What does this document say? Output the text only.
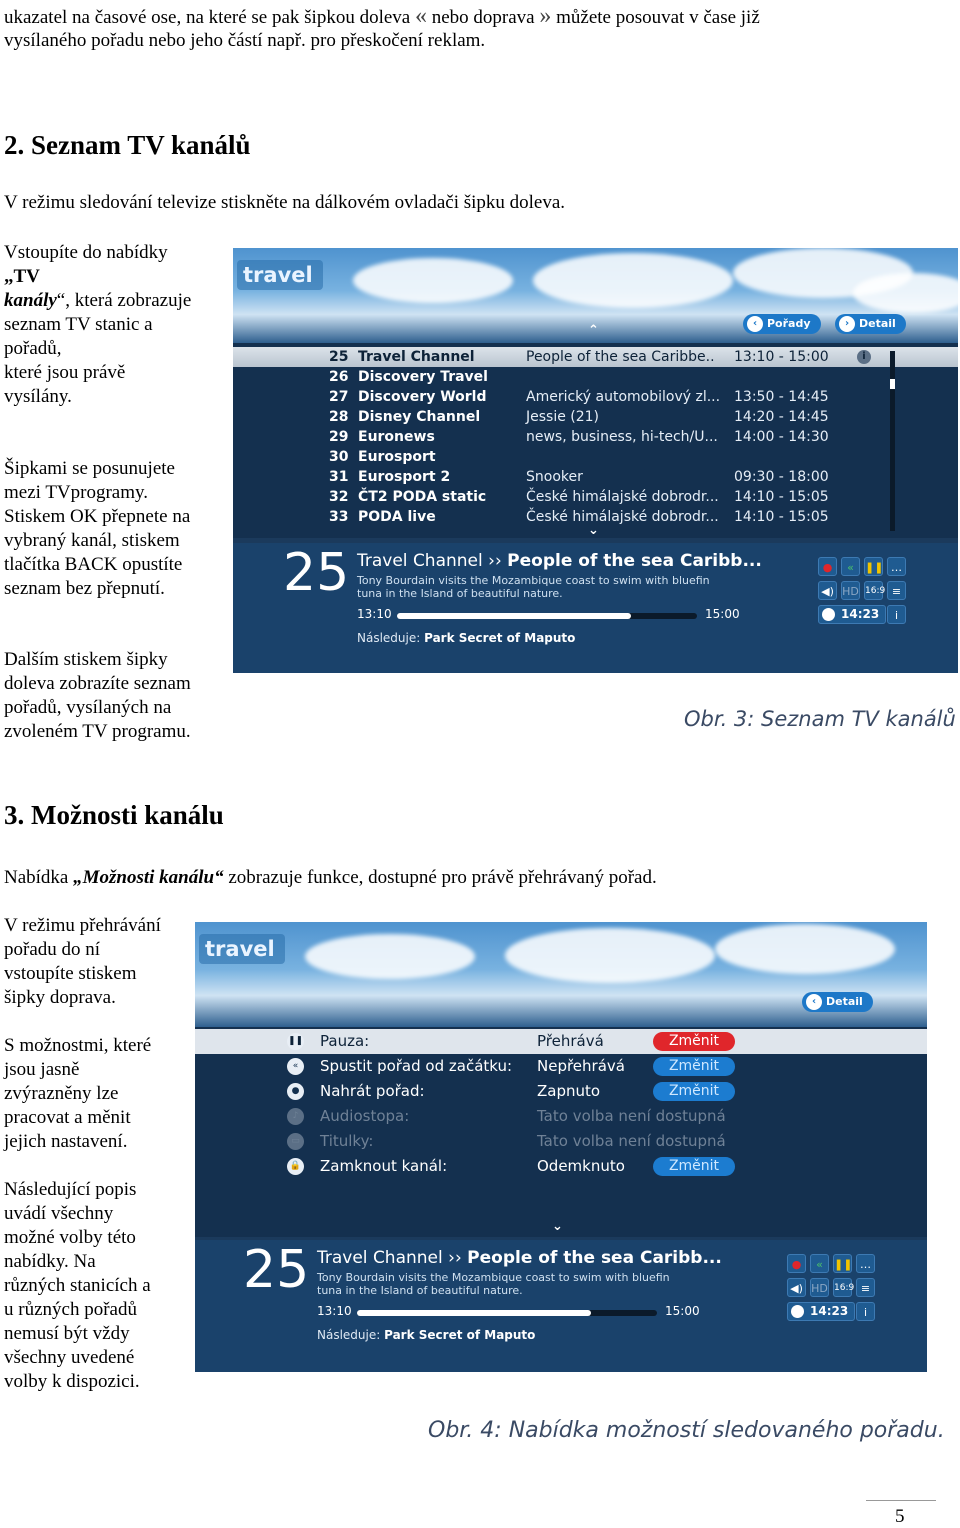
ukazatel na časové ose, na které se pak šipkou doleva « nebo doprava » můžete posouvat v čase již
vysílaného pořadu nebo jeho částí např. pro přeskočení reklam.
2. Seznam TV kanálů
V režimu sledování televize stiskněte na dálkovém ovladači šipku doleva.
Vstoupíte do nabídky
„TV
kanály“, která zobrazuje
seznam TV stanic a
pořadů,
které jsou právě
vysílány.
Šipkami se posunujete
mezi TVprogramy.
Stiskem OK přepnete na
vybraný kanál, stiskem
tlačítka BACK opustíte
seznam bez přepnutí.
Dalším stiskem šipky
doleva zobrazíte seznam
pořadů, vysílaných na
zvoleném TV programu.
travel
‹ Pořady	› Detail
⌃
25 Travel Channel	People of the sea Caribbe.. 13:10 - 15:00	i
26 Discovery Travel
27 Discovery World	Americký automobilový zl... 13:50 - 14:45
28 Disney Channel	Jessie (21)	14:20 - 14:45
29 Euronews	news, business, hi-tech/U... 14:00 - 14:30
30 Eurosport
31 Eurosport 2	Snooker	09:30 - 18:00
32 ČT2 PODA static	České himálajské dobrodr... 14:10 - 15:05
33 PODA live	České himálajské dobrodr... 14:10 - 15:05
⌄
25 Travel Channel ›› People of the sea Caribb...
Tony Bourdain visits the Mozambique coast to swim with bluefin
tuna in the Island of beautiful nature.
13:10	15:00
Následuje: Park Secret of Maputo
●	«	❚❚ …
◀) HD 16:9 ≡
14:23	i
Obr. 3: Seznam TV kanálů
3. Možnosti kanálu
Nabídka „Možnosti kanálu“ zobrazuje funkce, dostupné pro právě přehrávaný pořad.
V režimu přehrávání
pořadu do ní
vstoupíte stiskem
šipky doprava.
S možnostmi, které
jsou jasně
zvýrazněny lze
pracovat a měnit
jejich nastavení.
Následující popis
uvádí všechny
možné volby této
nabídky. Na
různých stanicích a
u různých pořadů
nemusí být vždy
všechny uvedené
volby k dispozici.
travel
‹ Detail
❚❚ Pauza:	Přehrává	Změnit
«	Spustit pořad od začátku: Nepřehrává	Změnit
●	Nahrát pořad:	Zapnuto	Změnit
♪	Audiostopa:	Tato volba není dostupná
▭ Titulky:	Tato volba není dostupná
🔒 Zamknout kanál:	Odemknuto	Změnit
⌄
25 Travel Channel ›› People of the sea Caribb...
Tony Bourdain visits the Mozambique coast to swim with bluefin
tuna in the Island of beautiful nature.
13:10	15:00
Následuje: Park Secret of Maputo
●	«	❚❚ …
◀) HD 16:9 ≡
14:23	i
Obr. 4: Nabídka možností sledovaného pořadu.
5
